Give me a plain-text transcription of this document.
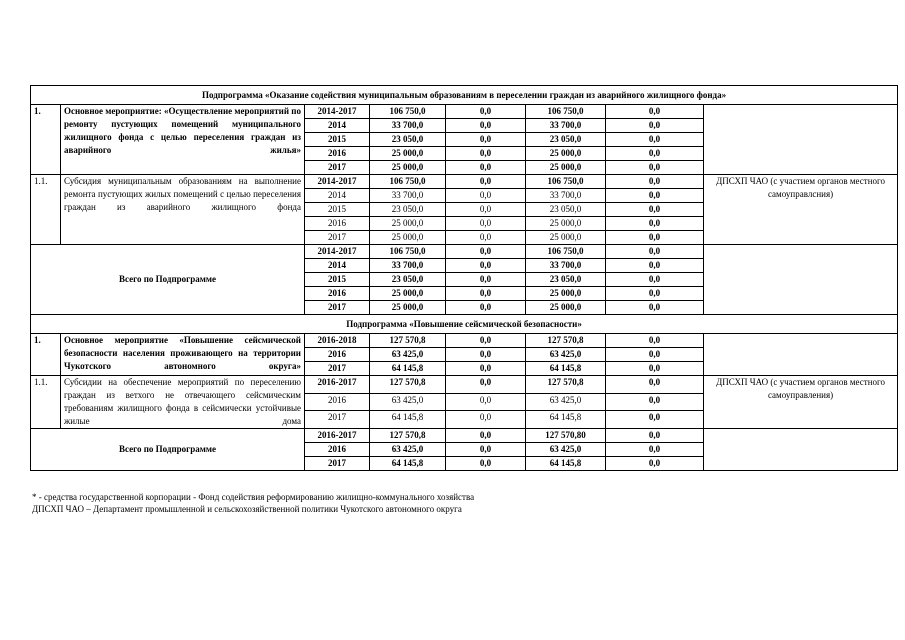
Подпрограмма «Оказание содействия муниципальным образованиям в переселении граждан из аварийного жилищного фонда»							
1.	Основное мероприятие: «Осуществление мероприятий по ремонту пустующих помещений муниципального жилищного фонда с целью переселения граждан из аварийного жилья»	2014-2017	106 750,0	0,0	106 750,0	0,0	
		2014	33 700,0	0,0	33 700,0	0,0	
		2015	23 050,0	0,0	23 050,0	0,0	
		2016	25 000,0	0,0	25 000,0	0,0	
		2017	25 000,0	0,0	25 000,0	0,0	
1.1.	Субсидия муниципальным образованиям на выполнение ремонта пустующих жилых помещений с целью переселения граждан из аварийного жилищного фонда	2014-2017	106 750,0	0,0	106 750,0	0,0	ДПСХП ЧАО (с участием органов местного самоуправлсния)
		2014	33 700,0	0,0	33 700,0	0,0	
		2015	23 050,0	0,0	23 050,0	0,0	
		2016	25 000,0	0,0	25 000,0	0,0	
		2017	25 000,0	0,0	25 000,0	0,0	
Всего по Подпрограмме		2014-2017	106 750,0	0,0	106 750,0	0,0	
		2014	33 700,0	0,0	33 700,0	0,0	
		2015	23 050,0	0,0	23 050,0	0,0	
		2016	25 000,0	0,0	25 000,0	0,0	
		2017	25 000,0	0,0	25 000,0	0,0	
Подпрограмма «Повышение сейсмической безопасности»							
1.	Основное мероприятие «Повышение сейсмической безопасности населения проживающего на территории Чукотского автономного округа»	2016-2018	127 570,8	0,0	127 570,8	0,0	
		2016	63 425,0	0,0	63 425,0	0,0	
		2017	64 145,8	0,0	64 145,8	0,0	
1.1.	Субсидии на обеспечение мероприятий по переселению граждан из ветхого не отвечающего сейсмическим требованиям жилищного фонда в сейсмически устойчивые жилые дома	2016-2017	127 570,8	0,0	127 570,8	0,0	ДПСХП ЧАО (с участием органов местного самоуправления)
		2016	63 425,0	0,0	63 425,0	0,0	
		2017	64 145,8	0,0	64 145,8	0,0	
Всего по Подпрограмме		2016-2017	127 570,8	0,0	127 570,80	0,0	
		2016	63 425,0	0,0	63 425,0	0,0	
		2017	64 145,8	0,0	64 145,8	0,0	
* - средства государственной корпорации - Фонд содействия реформированию жилищно-коммунального хозяйства
ДПСХП ЧАО – Департамент промышленной и сельскохозяйственной политики Чукотского автономного округа
